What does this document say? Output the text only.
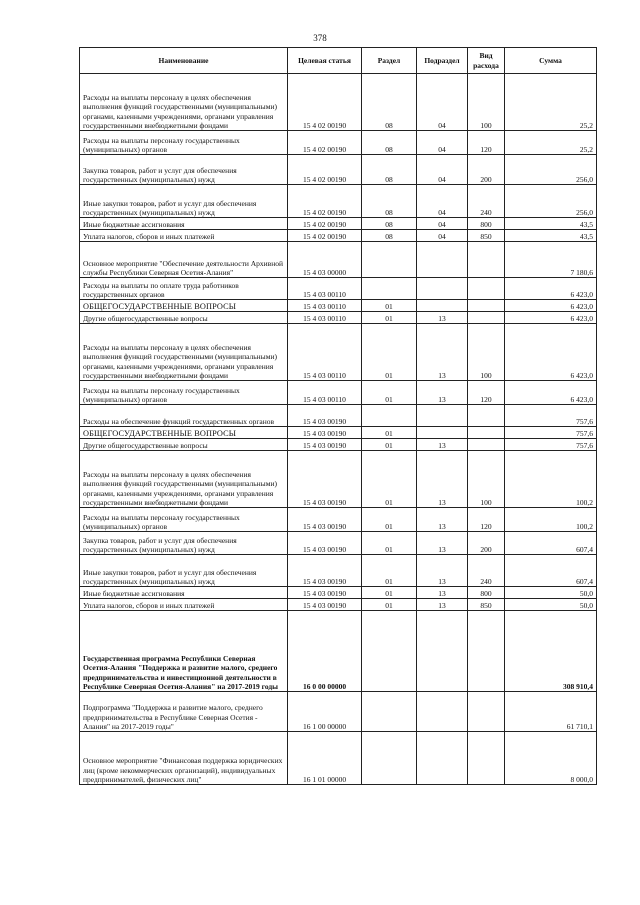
378
Наименование	Целевая статья	Раздел	Подраздел	Вид расхода	Сумма
Расходы на выплаты персоналу в целях обеспечения выполнения функций государственными (муниципальными) органами, казенными учреждениями, органами управления государственными внебюджетными фондами	15 4 02 00190	08	04	100	25,2
Расходы на выплаты персоналу государственных (муниципальных) органов	15 4 02 00190	08	04	120	25,2
Закупка товаров, работ и услуг для обеспечения государственных (муниципальных) нужд	15 4 02 00190	08	04	200	256,0
Иные закупки товаров, работ и услуг для обеспечения государственных (муниципальных) нужд	15 4 02 00190	08	04	240	256,0
Иные бюджетные ассигнования	15 4 02 00190	08	04	800	43,5
Уплата налогов, сборов и иных платежей	15 4 02 00190	08	04	850	43,5
Основное мероприятие "Обеспечение деятельности Архивной службы Республики Северная Осетия-Алания"	15 4 03 00000				7 180,6
Расходы на выплаты по оплате труда работников государственных органов	15 4 03 00110				6 423,0
ОБЩЕГОСУДАРСТВЕННЫЕ ВОПРОСЫ	15 4 03 00110	01			6 423,0
Другие общегосударственные вопросы	15 4 03 00110	01	13		6 423,0
Расходы на выплаты персоналу в целях обеспечения выполнения функций государственными (муниципальными) органами, казенными учреждениями, органами управления государственными внебюджетными фондами	15 4 03 00110	01	13	100	6 423,0
Расходы на выплаты персоналу государственных (муниципальных) органов	15 4 03 00110	01	13	120	6 423,0
Расходы на обеспечение функций государственных органов	15 4 03 00190				757,6
ОБЩЕГОСУДАРСТВЕННЫЕ ВОПРОСЫ	15 4 03 00190	01			757,6
Другие общегосударственные вопросы	15 4 03 00190	01	13		757,6
Расходы на выплаты персоналу в целях обеспечения выполнения функций государственными (муниципальными) органами, казенными учреждениями, органами управления государственными внебюджетными фондами	15 4 03 00190	01	13	100	100,2
Расходы на выплаты персоналу государственных (муниципальных) органов	15 4 03 00190	01	13	120	100,2
Закупка товаров, работ и услуг для обеспечения государственных (муниципальных) нужд	15 4 03 00190	01	13	200	607,4
Иные закупки товаров, работ и услуг для обеспечения государственных (муниципальных) нужд	15 4 03 00190	01	13	240	607,4
Иные бюджетные ассигнования	15 4 03 00190	01	13	800	50,0
Уплата налогов, сборов и иных платежей	15 4 03 00190	01	13	850	50,0
Государственная программа Республики Северная Осетия-Алания "Поддержка и развитие малого, среднего предпринимательства и инвестиционной деятельности в Республике Северная Осетия-Алания" на 2017-2019 годы	16 0 00 00000				308 910,4
Подпрограмма "Поддержка и развитие малого, среднего предпринимательства в Республике Северная Осетия - Алания" на 2017-2019 годы"	16 1 00 00000				61 710,1
Основное мероприятие "Финансовая поддержка юридических лиц (кроме некоммерческих организаций), индивидуальных предпринимателей, физических лиц"	16 1 01 00000				8 000,0
